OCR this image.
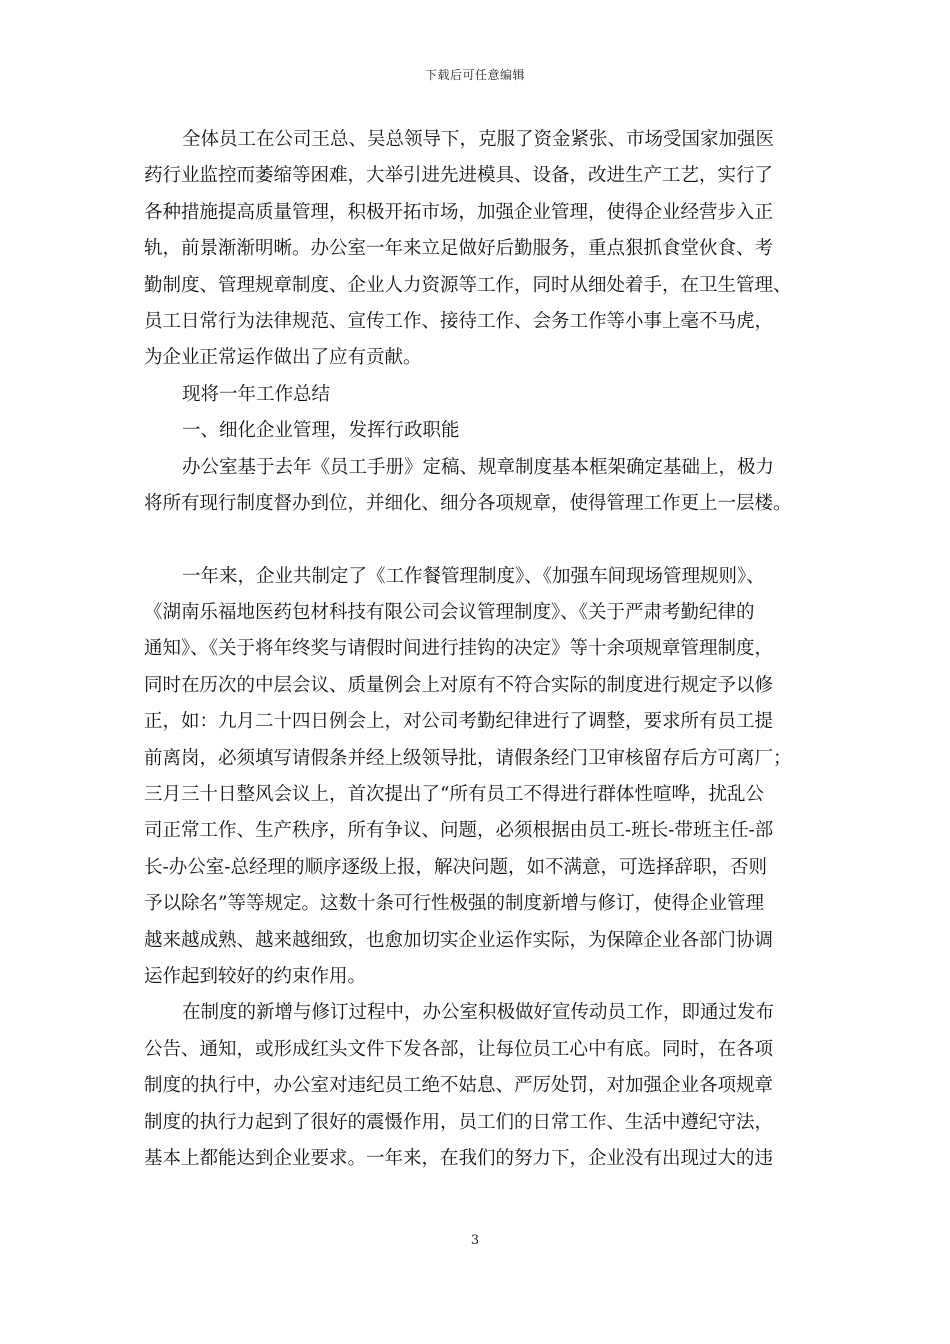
下载后可任意编辑
全体员工在公司王总、吴总领导下，克服了资金紧张、市场受国家加强医
药行业监控而萎缩等困难，大举引进先进模具、设备，改进生产工艺，实行了
各种措施提高质量管理，积极开拓市场，加强企业管理，使得企业经营步入正
轨，前景渐渐明晰。办公室一年来立足做好后勤服务，重点狠抓食堂伙食、考
勤制度、管理规章制度、企业人力资源等工作，同时从细处着手，在卫生管理、
员工日常行为法律规范、宣传工作、接待工作、会务工作等小事上毫不马虎，
为企业正常运作做出了应有贡献。
现将一年工作总结
一、细化企业管理，发挥行政职能
办公室基于去年《员工手册》定稿、规章制度基本框架确定基础上，极力
将所有现行制度督办到位，并细化、细分各项规章，使得管理工作更上一层楼。
一年来，企业共制定了《工作餐管理制度》、《加强车间现场管理规则》、
《湖南乐福地医药包材科技有限公司会议管理制度》、《关于严肃考勤纪律的
通知》、《关于将年终奖与请假时间进行挂钩的决定》等十余项规章管理制度，
同时在历次的中层会议、质量例会上对原有不符合实际的制度进行规定予以修
正，如：九月二十四日例会上，对公司考勤纪律进行了调整，要求所有员工提
前离岗，必须填写请假条并经上级领导批，请假条经门卫审核留存后方可离厂；
三月三十日整风会议上，首次提出了“所有员工不得进行群体性喧哗，扰乱公
司正常工作、生产秩序，所有争议、问题，必须根据由员工-班长-带班主任-部
长-办公室-总经理的顺序逐级上报，解决问题，如不满意，可选择辞职，否则
予以除名”等等规定。这数十条可行性极强的制度新增与修订，使得企业管理
越来越成熟、越来越细致，也愈加切实企业运作实际，为保障企业各部门协调
运作起到较好的约束作用。
在制度的新增与修订过程中，办公室积极做好宣传动员工作，即通过发布
公告、通知，或形成红头文件下发各部，让每位员工心中有底。同时，在各项
制度的执行中，办公室对违纪员工绝不姑息、严厉处罚，对加强企业各项规章
制度的执行力起到了很好的震慑作用，员工们的日常工作、生活中遵纪守法，
基本上都能达到企业要求。一年来，在我们的努力下，企业没有出现过大的违
3
